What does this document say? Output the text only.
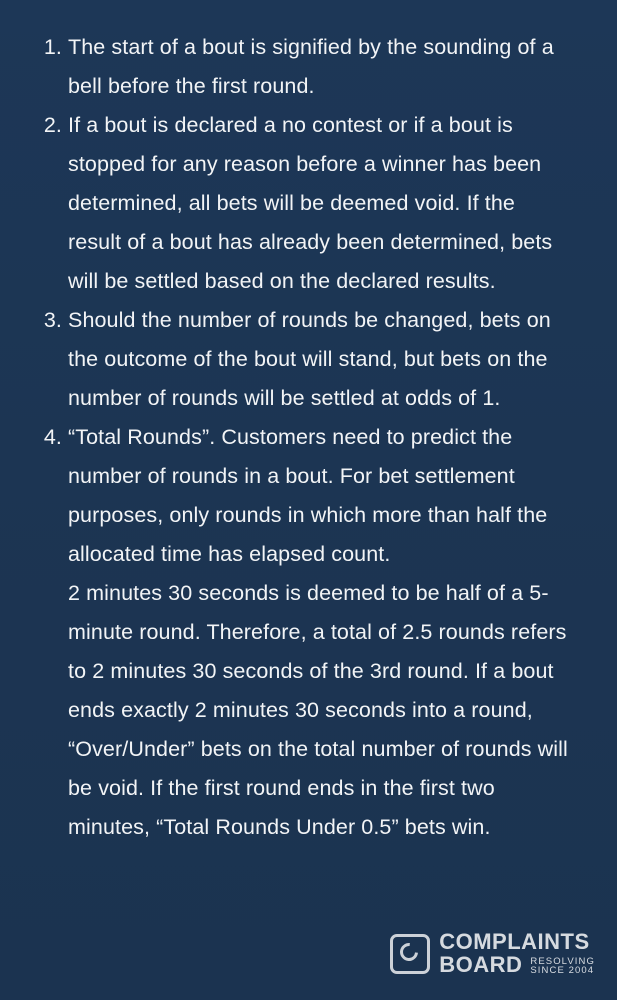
The start of a bout is signified by the sounding of a bell before the first round.

If a bout is declared a no contest or if a bout is stopped for any reason before a winner has been determined, all bets will be deemed void. If the result of a bout has already been determined, bets will be settled based on the declared results.

Should the number of rounds be changed, bets on the outcome of the bout will stand, but bets on the number of rounds will be settled at odds of 1.

“Total Rounds”. Customers need to predict the number of rounds in a bout. For bet settlement purposes, only rounds in which more than half the allocated time has elapsed count.

2 minutes 30 seconds is deemed to be half of a 5-minute round. Therefore, a total of 2.5 rounds refers to 2 minutes 30 seconds of the 3rd round. If a bout ends exactly 2 minutes 30 seconds into a round, “Over/Under” bets on the total number of rounds will be void. If the first round ends in the first two minutes, “Total Rounds Under 0.5” bets win.

COMPLAINTS
BOARD RESOLVING
SINCE 2004
